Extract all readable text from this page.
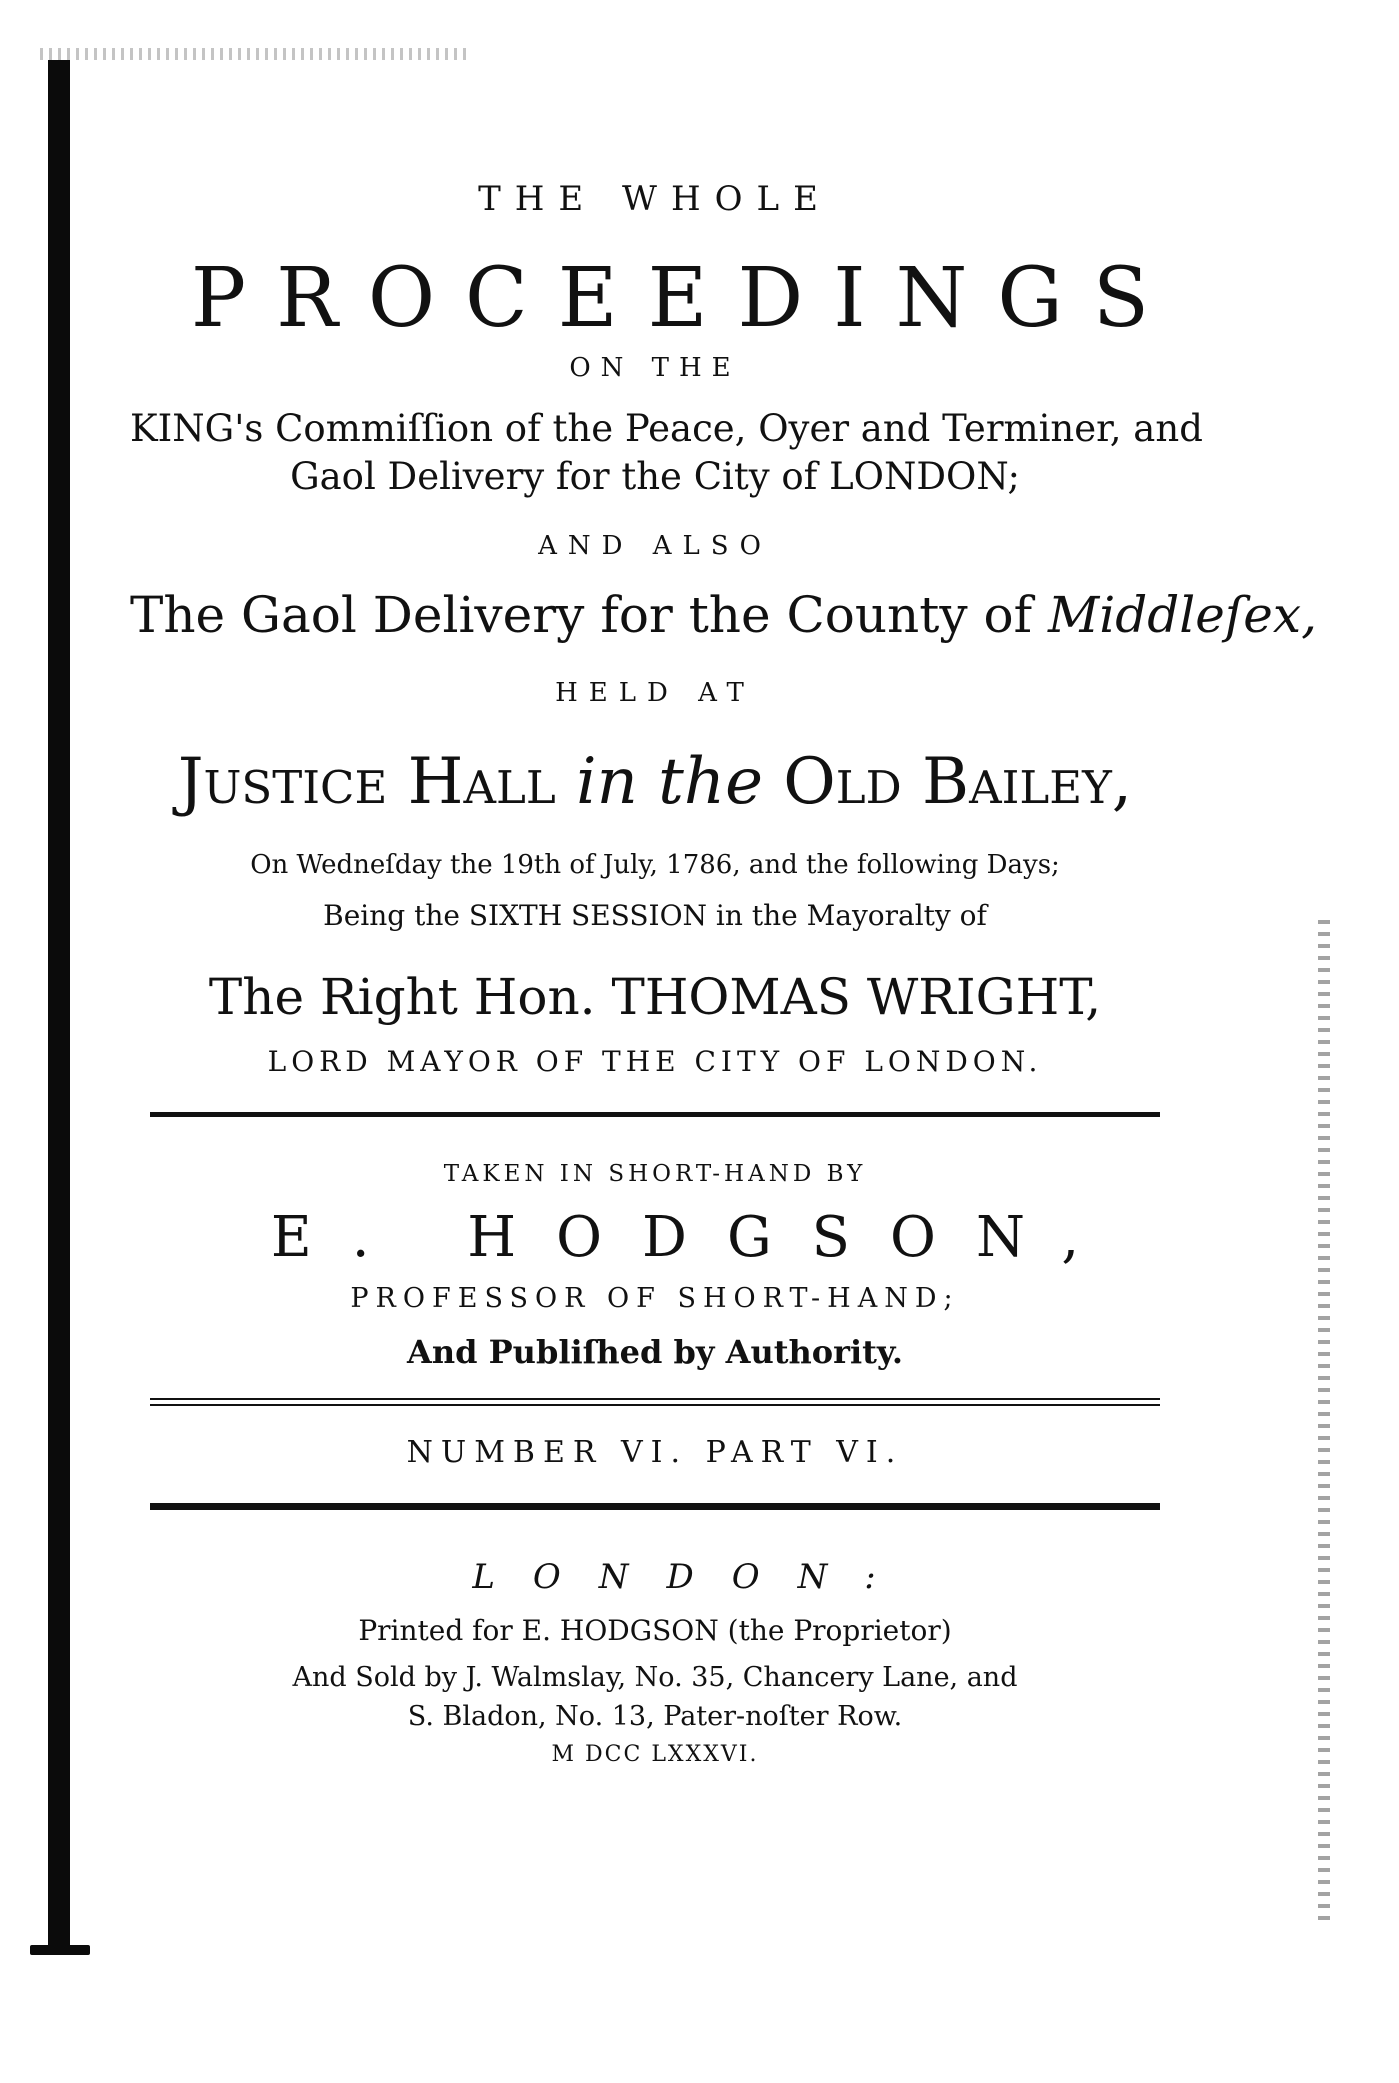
THE WHOLE
PROCEEDINGS
ON THE
KING's Commiſſion of the Peace, Oyer and Terminer, and
Gaol Delivery for the City of LONDON;
AND ALSO
The Gaol Delivery for the County of Middleſex,
HELD AT
Justice Hall in the Old Bailey,
On Wedneſday the 19th of July, 1786, and the following Days;
Being the SIXTH SESSION in the Mayoralty of
The Right Hon. THOMAS WRIGHT,
LORD MAYOR OF THE CITY OF LONDON.
TAKEN IN SHORT-HAND BY
E. HODGSON,
PROFESSOR OF SHORT-HAND;
And Publiſhed by Authority.
NUMBER VI. PART VI.
LONDON:
Printed for E. HODGSON (the Proprietor)
And Sold by J. Walmslay, No. 35, Chancery Lane, and
S. Bladon, No. 13, Pater-noſter Row.
M DCC LXXXVI.
